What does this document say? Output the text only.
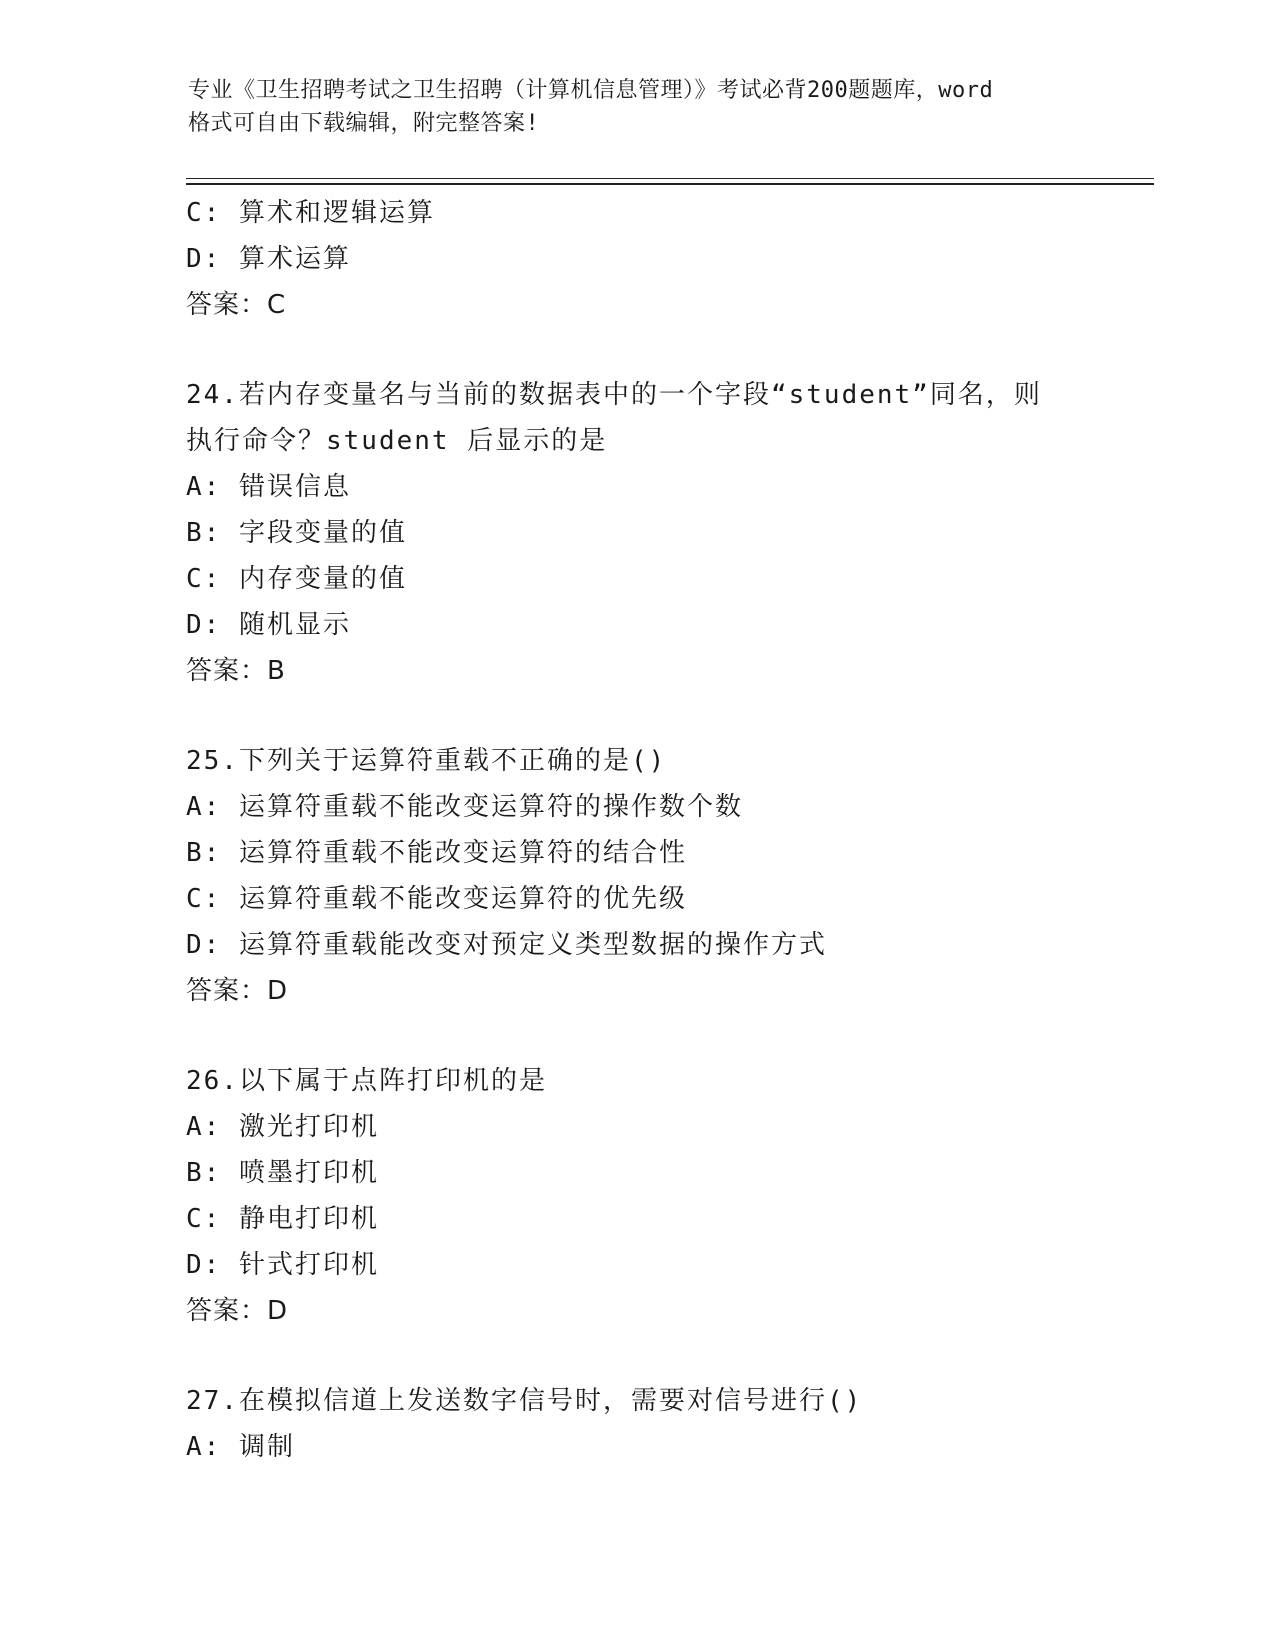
专业《卫生招聘考试之卫生招聘（计算机信息管理）》考试必背200题题库，word
格式可自由下载编辑，附完整答案!
C: 算术和逻辑运算
D: 算术运算
答案：C
24.若内存变量名与当前的数据表中的一个字段“student”同名，则
执行命令？student 后显示的是
A: 错误信息
B: 字段变量的值
C: 内存变量的值
D: 随机显示
答案：B
25.下列关于运算符重载不正确的是()
A: 运算符重载不能改变运算符的操作数个数
B: 运算符重载不能改变运算符的结合性
C: 运算符重载不能改变运算符的优先级
D: 运算符重载能改变对预定义类型数据的操作方式
答案：D
26.以下属于点阵打印机的是
A: 激光打印机
B: 喷墨打印机
C: 静电打印机
D: 针式打印机
答案：D
27.在模拟信道上发送数字信号时，需要对信号进行()
A: 调制
